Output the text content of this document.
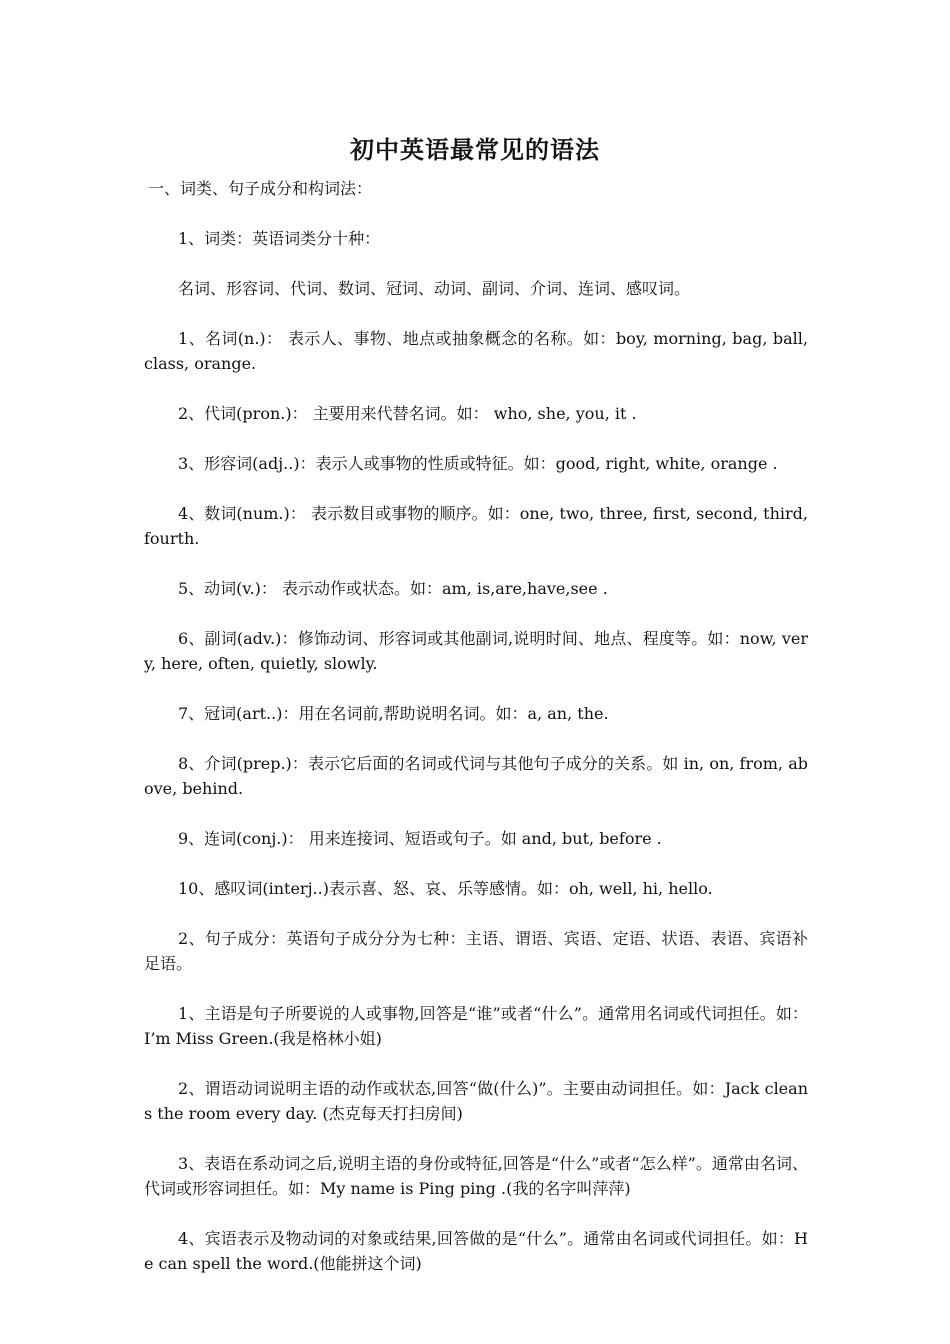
初中英语最常见的语法

一、词类、句子成分和构词法：

1、词类：英语词类分十种：

名词、形容词、代词、数词、冠词、动词、副词、介词、连词、感叹词。

1、名词(n.)： 表示人、事物、地点或抽象概念的名称。如：boy, morning, bag, ball, class, orange.

2、代词(pron.)： 主要用来代替名词。如： who, she, you, it .

3、形容词(adj..)：表示人或事物的性质或特征。如：good, right, white, orange .

4、数词(num.)： 表示数目或事物的顺序。如：one, two, three, first, second, third, fourth.

5、动词(v.)： 表示动作或状态。如：am, is,are,have,see .

6、副词(adv.)：修饰动词、形容词或其他副词,说明时间、地点、程度等。如：now, very, here, often, quietly, slowly.

7、冠词(art..)：用在名词前,帮助说明名词。如：a, an, the.

8、介词(prep.)：表示它后面的名词或代词与其他句子成分的关系。如 in, on, from, above, behind.

9、连词(conj.)： 用来连接词、短语或句子。如 and, but, before .

10、感叹词(interj..)表示喜、怒、哀、乐等感情。如：oh, well, hi, hello.

2、句子成分：英语句子成分分为七种：主语、谓语、宾语、定语、状语、表语、宾语补足语。

1、主语是句子所要说的人或事物,回答是“谁”或者“什么”。通常用名词或代词担任。如：I’m Miss Green.(我是格林小姐)

2、谓语动词说明主语的动作或状态,回答“做(什么)”。主要由动词担任。如：Jack cleans the room every day. (杰克每天打扫房间)

3、表语在系动词之后,说明主语的身份或特征,回答是“什么”或者“怎么样”。通常由名词、代词或形容词担任。如：My name is Ping ping .(我的名字叫萍萍)

4、宾语表示及物动词的对象或结果,回答做的是“什么”。通常由名词或代词担任。如：He can spell the word.(他能拼这个词)
